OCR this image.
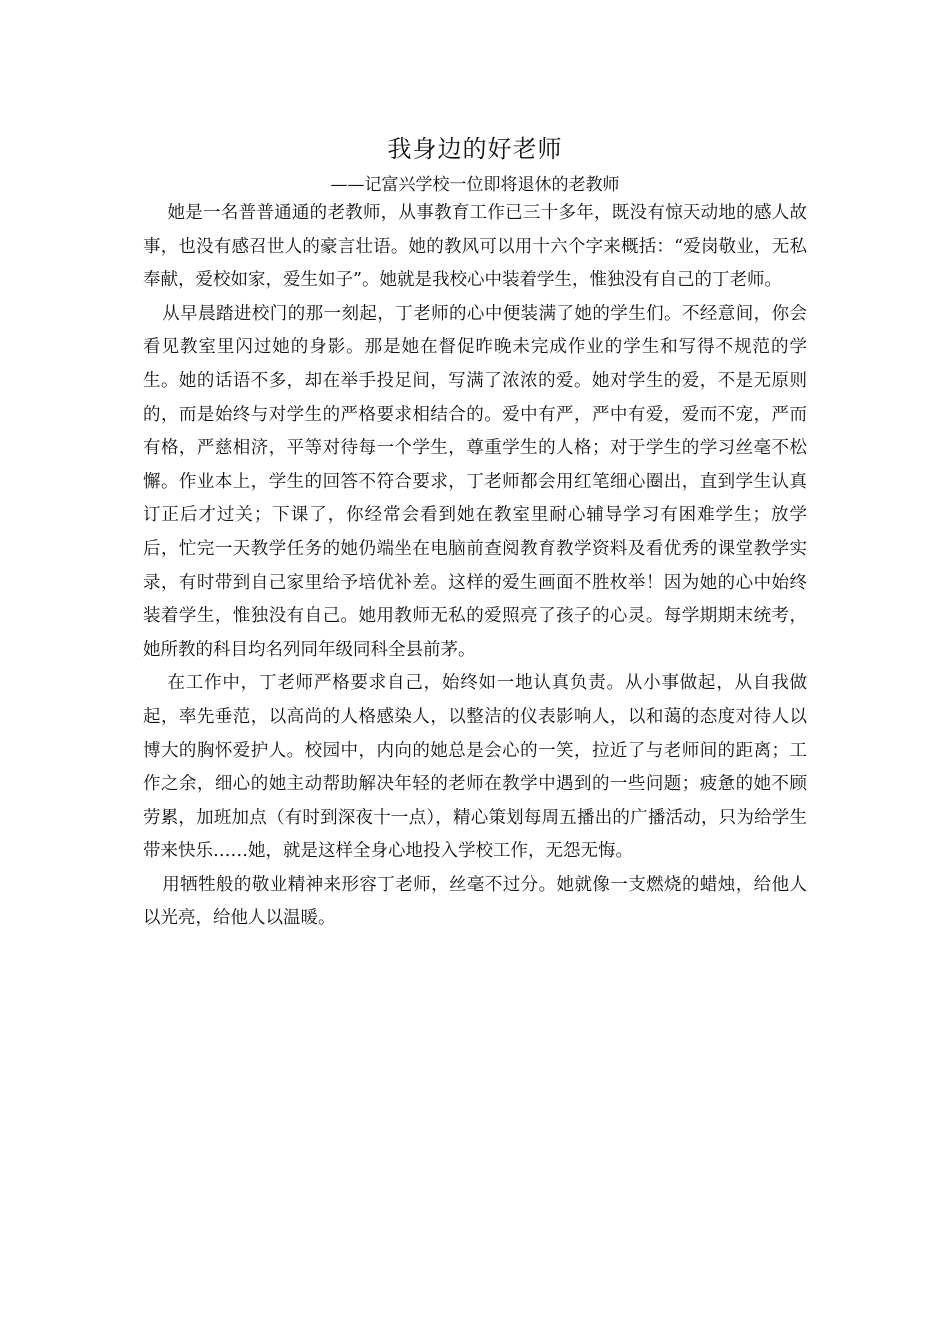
我身边的好老师
——记富兴学校一位即将退休的老教师

她是一名普普通通的老教师，从事教育工作已三十多年，既没有惊天动地的感人故事，也没有感召世人的豪言壮语。她的教风可以用十六个字来概括：“爱岗敬业，无私奉献，爱校如家，爱生如子”。她就是我校心中装着学生，惟独没有自己的丁老师。

从早晨踏进校门的那一刻起，丁老师的心中便装满了她的学生们。不经意间，你会看见教室里闪过她的身影。那是她在督促昨晚未完成作业的学生和写得不规范的学生。她的话语不多，却在举手投足间，写满了浓浓的爱。她对学生的爱，不是无原则的，而是始终与对学生的严格要求相结合的。爱中有严，严中有爱，爱而不宠，严而有格，严慈相济，平等对待每一个学生，尊重学生的人格；对于学生的学习丝毫不松懈。作业本上，学生的回答不符合要求，丁老师都会用红笔细心圈出，直到学生认真订正后才过关；下课了，你经常会看到她在教室里耐心辅导学习有困难学生；放学后，忙完一天教学任务的她仍端坐在电脑前查阅教育教学资料及看优秀的课堂教学实录，有时带到自己家里给予培优补差。这样的爱生画面不胜枚举！因为她的心中始终装着学生，惟独没有自己。她用教师无私的爱照亮了孩子的心灵。每学期期末统考，她所教的科目均名列同年级同科全县前茅。

在工作中，丁老师严格要求自己，始终如一地认真负责。从小事做起，从自我做起，率先垂范，以高尚的人格感染人，以整洁的仪表影响人，以和蔼的态度对待人以博大的胸怀爱护人。校园中，内向的她总是会心的一笑，拉近了与老师间的距离；工作之余，细心的她主动帮助解决年轻的老师在教学中遇到的一些问题；疲惫的她不顾劳累，加班加点（有时到深夜十一点），精心策划每周五播出的广播活动，只为给学生带来快乐……她，就是这样全身心地投入学校工作，无怨无悔。

用牺牲般的敬业精神来形容丁老师，丝毫不过分。她就像一支燃烧的蜡烛，给他人以光亮，给他人以温暖。
